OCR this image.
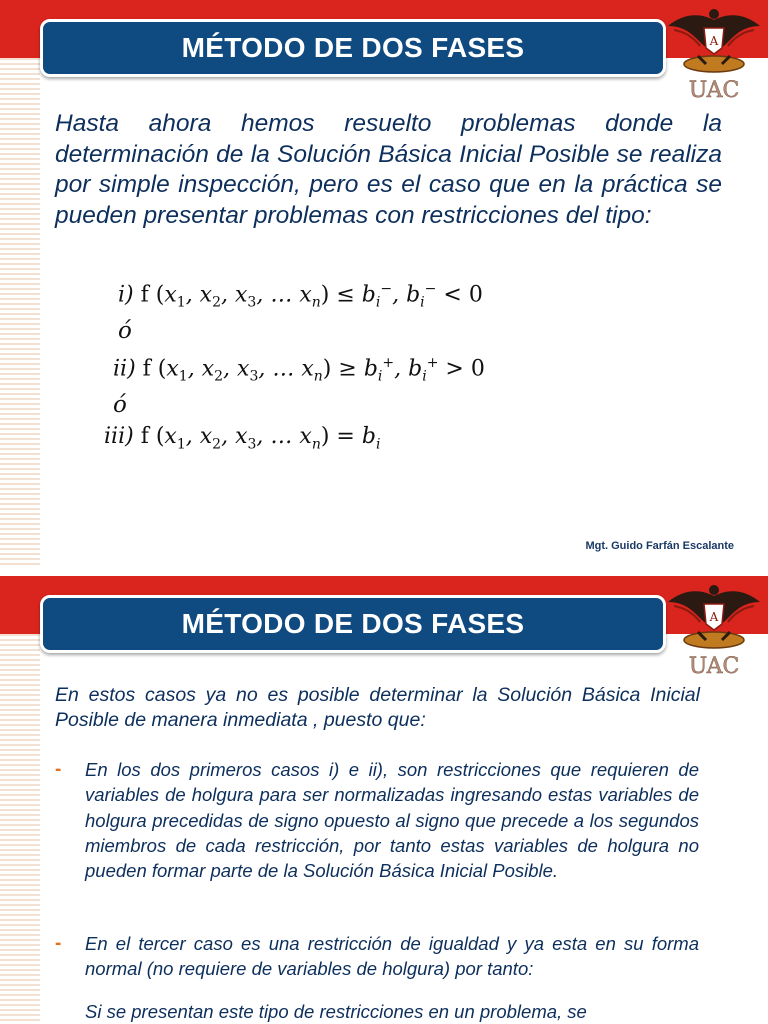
MÉTODO DE DOS FASES	A
UAC

Hasta ahora hemos resuelto problemas donde la determinación de la Solución Básica Inicial Posible se realiza por simple inspección, pero es el caso que en la práctica se pueden presentar problemas con restricciones del tipo:

i) f ($x_1$, $x_2$, $x_3$, … $x_n) \le b_i^-$, $b_i^- < 0$
ó
ii) f ($x_1$, $x_2$, $x_3$, … $x_n) \ge b_i^+$, $b_i^+ > 0$
ó
iii) f ($x_1$, $x_2$, $x_3$, … $x_n) = b_i$
Mgt. Guido Farfán Escalante
MÉTODO DE DOS FASES	A
UAC

En estos casos ya no es posible determinar la Solución Básica Inicial Posible de manera inmediata , puesto que:

- En los dos primeros casos i) e ii), son restricciones que requieren de variables de holgura para ser normalizadas ingresando estas variables de holgura precedidas de signo opuesto al signo que precede a los segundos miembros de cada restricción, por tanto estas variables de holgura no pueden formar parte de la Solución Básica Inicial Posible.

- En el tercer caso es una restricción de igualdad y ya esta en su forma normal (no requiere de variables de holgura) por tanto:

Si se presentan este tipo de restricciones en un problema, se
